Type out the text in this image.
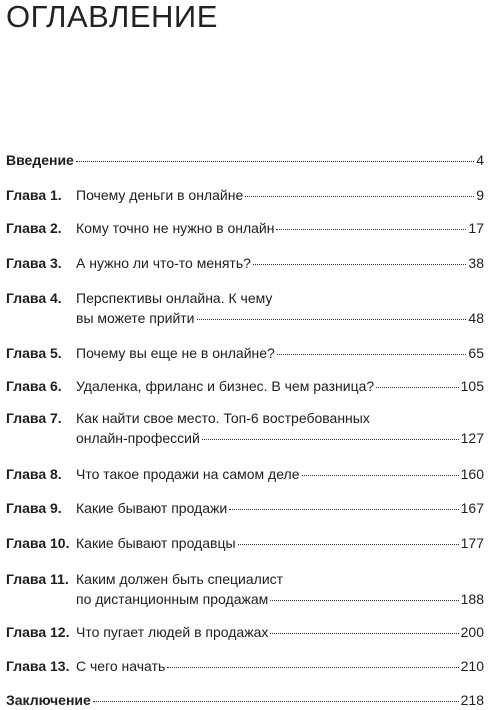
ОГЛАВЛЕНИЕ
Введение	4
Глава 1.	Почему деньги в онлайне	9
Глава 2.	Кому точно не нужно в онлайн	17
Глава 3.	А нужно ли что-то менять?	38
Глава 4.	Перспективы онлайна. К чему
вы можете прийти	48
Глава 5.	Почему вы еще не в онлайне?	65
Глава 6.	Удаленка, фриланс и бизнес. В чем разница?	105
Глава 7.	Как найти свое место. Топ-6 востребованных
онлайн-профессий	127
Глава 8.	Что такое продажи на самом деле	160
Глава 9.	Какие бывают продажи	167
Глава 10. Какие бывают продавцы	177
Глава 11. Каким должен быть специалист
по дистанционным продажам	188
Глава 12. Что пугает людей в продажах	200
Глава 13. С чего начать	210
Заключение	218
